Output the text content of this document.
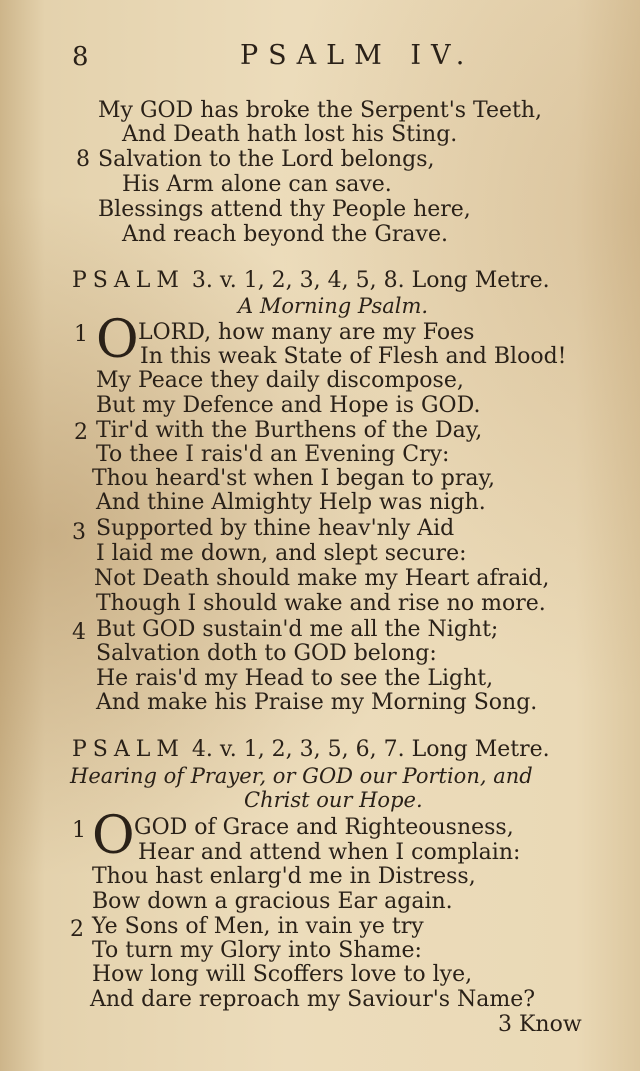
8	PSALM IV.
My GOD has broke the Serpent's Teeth,
And Death hath lost his Sting.
8 Salvation to the Lord belongs,
His Arm alone can save.
Blessings attend thy People here,
And reach beyond the Grave.
PSALM 3. v. 1, 2, 3, 4, 5, 8. Long Metre.
A Morning Psalm.
1 O LORD, how many are my Foes
In this weak State of Flesh and Blood!
My Peace they daily discompose,
But my Defence and Hope is GOD.
2 Tir'd with the Burthens of the Day,
To thee I rais'd an Evening Cry:
Thou heard'st when I began to pray,
And thine Almighty Help was nigh.
3 Supported by thine heav'nly Aid
I laid me down, and slept secure:
Not Death should make my Heart afraid,
Though I should wake and rise no more.
4 But GOD sustain'd me all the Night;
Salvation doth to GOD belong:
He rais'd my Head to see the Light,
And make his Praise my Morning Song.
PSALM 4. v. 1, 2, 3, 5, 6, 7. Long Metre.
Hearing of Prayer, or GOD our Portion, and
Christ our Hope.
1 O GOD of Grace and Righteousness,
Hear and attend when I complain:
Thou hast enlarg'd me in Distress,
Bow down a gracious Ear again.
2 Ye Sons of Men, in vain ye try
To turn my Glory into Shame:
How long will Scoffers love to lye,
And dare reproach my Saviour's Name?
3 Know
